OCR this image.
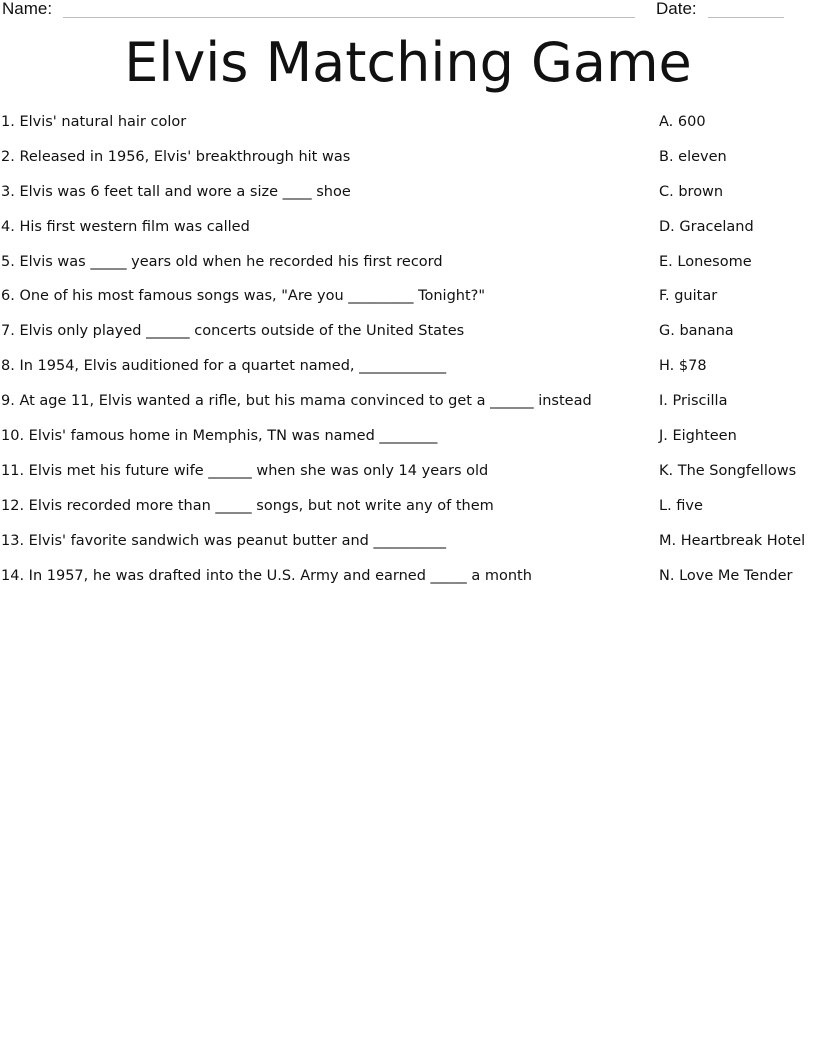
Name:	Date:
Elvis Matching Game
1. Elvis' natural hair color
2. Released in 1956, Elvis' breakthrough hit was
3. Elvis was 6 feet tall and wore a size ____ shoe
4. His first western film was called
5. Elvis was _____ years old when he recorded his first record
6. One of his most famous songs was, "Are you _________ Tonight?"
7. Elvis only played ______ concerts outside of the United States
8. In 1954, Elvis auditioned for a quartet named, ____________
9. At age 11, Elvis wanted a rifle, but his mama convinced to get a ______ instead
10. Elvis' famous home in Memphis, TN was named ________
11. Elvis met his future wife ______ when she was only 14 years old
12. Elvis recorded more than _____ songs, but not write any of them
13. Elvis' favorite sandwich was peanut butter and __________
14. In 1957, he was drafted into the U.S. Army and earned _____ a month
A. 600
B. eleven
C. brown
D. Graceland
E. Lonesome
F. guitar
G. banana
H. $78
I. Priscilla
J. Eighteen
K. The Songfellows
L. five
M. Heartbreak Hotel
N. Love Me Tender
